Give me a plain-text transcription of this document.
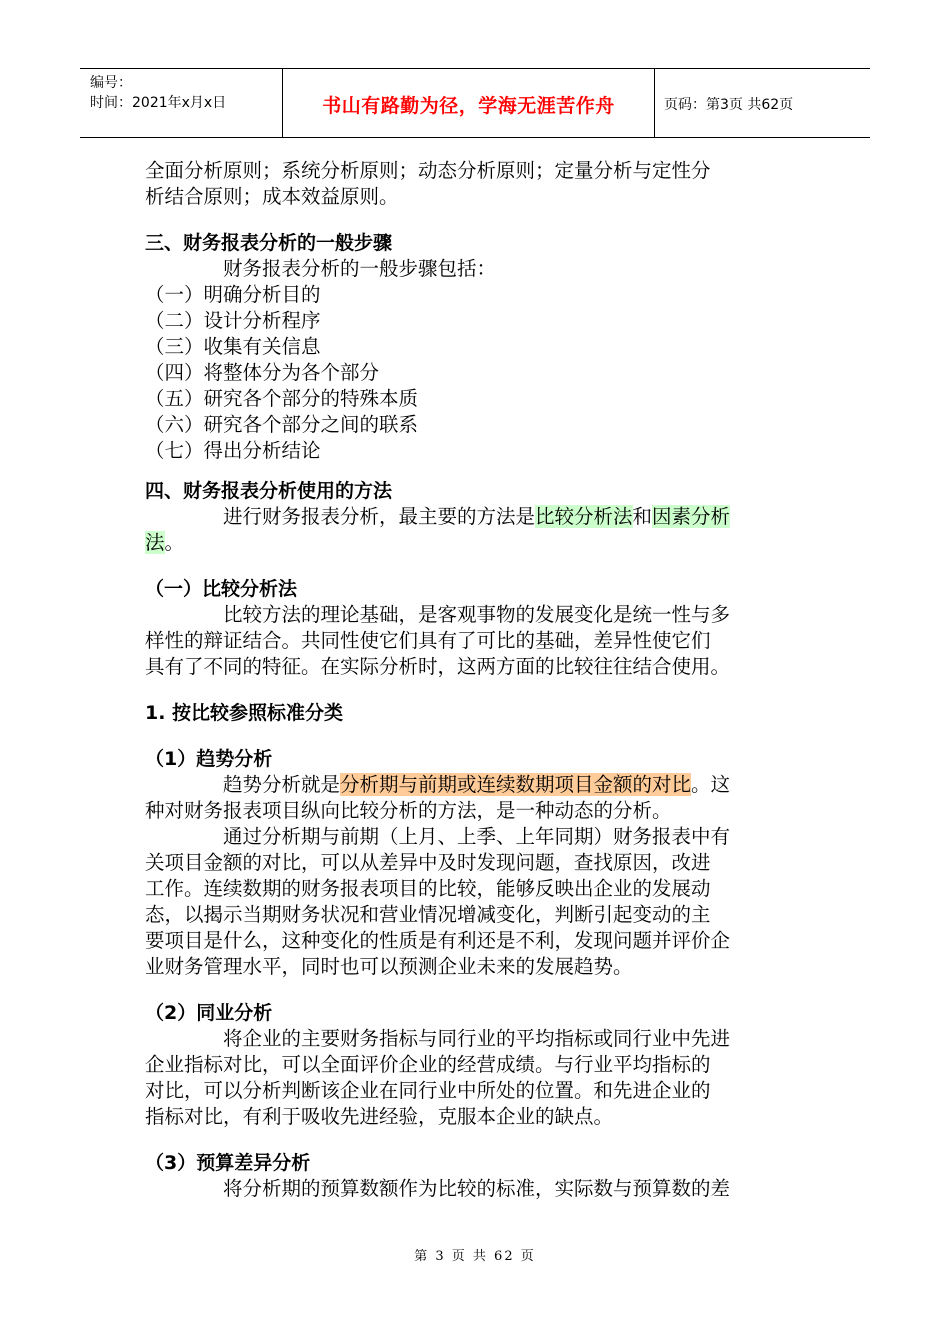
编号：
时间：2021年x月x日	书山有路勤为径，学海无涯苦作舟	页码：第3页 共62页

全面分析原则；系统分析原则；动态分析原则；定量分析与定性分

析结合原则；成本效益原则。

三、财务报表分析的一般步骤

财务报表分析的一般步骤包括：

（一）明确分析目的

（二）设计分析程序

（三）收集有关信息

（四）将整体分为各个部分

（五）研究各个部分的特殊本质

（六）研究各个部分之间的联系

（七）得出分析结论

四、财务报表分析使用的方法

进行财务报表分析，最主要的方法是比较分析法和因素分析

法。

（一）比较分析法

比较方法的理论基础，是客观事物的发展变化是统一性与多

样性的辩证结合。共同性使它们具有了可比的基础，差异性使它们

具有了不同的特征。在实际分析时，这两方面的比较往往结合使用。

1. 按比较参照标准分类

（1）趋势分析

趋势分析就是分析期与前期或连续数期项目金额的对比。这

种对财务报表项目纵向比较分析的方法，是一种动态的分析。

通过分析期与前期（上月、上季、上年同期）财务报表中有

关项目金额的对比，可以从差异中及时发现问题，查找原因，改进

工作。连续数期的财务报表项目的比较，能够反映出企业的发展动

态，以揭示当期财务状况和营业情况增减变化，判断引起变动的主

要项目是什么，这种变化的性质是有利还是不利，发现问题并评价企

业财务管理水平，同时也可以预测企业未来的发展趋势。

（2）同业分析

将企业的主要财务指标与同行业的平均指标或同行业中先进

企业指标对比，可以全面评价企业的经营成绩。与行业平均指标的

对比，可以分析判断该企业在同行业中所处的位置。和先进企业的

指标对比，有利于吸收先进经验，克服本企业的缺点。

（3）预算差异分析

将分析期的预算数额作为比较的标准，实际数与预算数的差

第 3 页 共 62 页
